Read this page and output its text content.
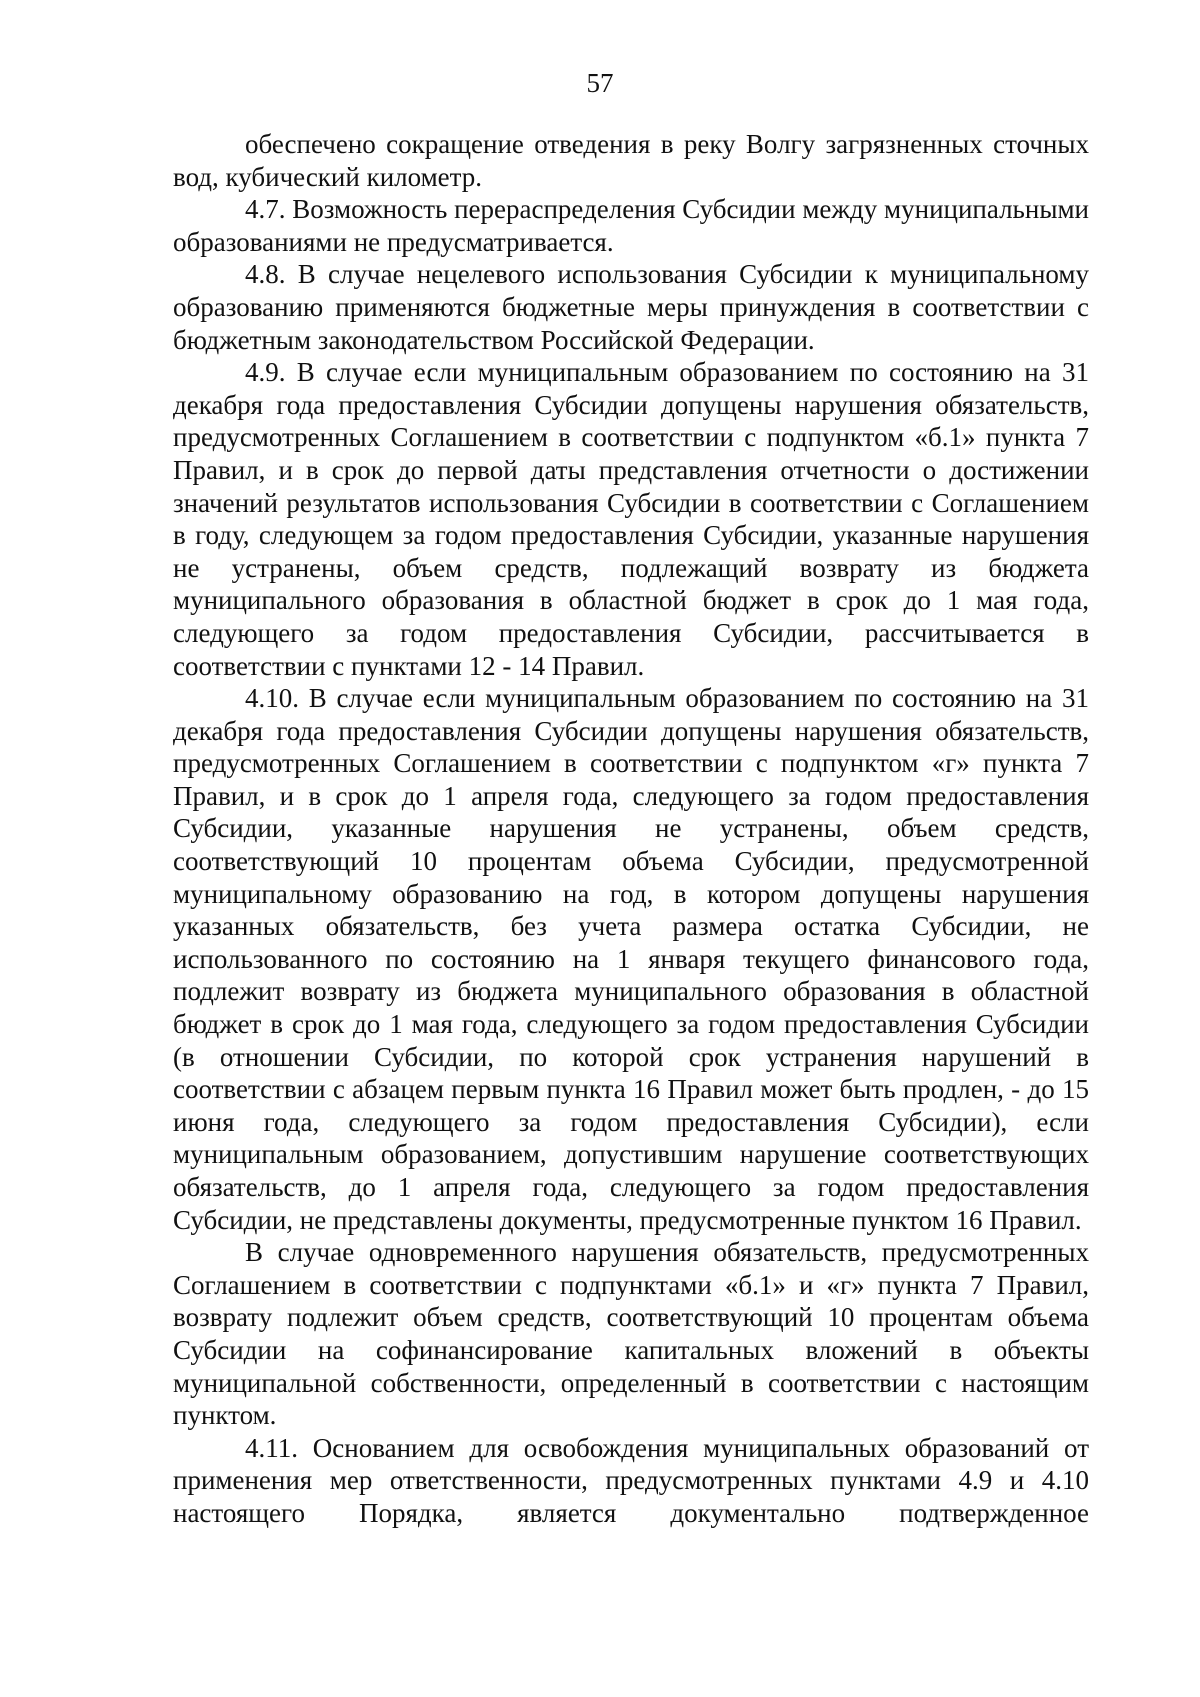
57

обеспечено сокращение отведения в реку Волгу загрязненных сточных вод, кубический километр.

4.7. Возможность перераспределения Субсидии между муниципальными образованиями не предусматривается.

4.8. В случае нецелевого использования Субсидии к муниципальному образованию применяются бюджетные меры принуждения в соответствии с бюджетным законодательством Российской Федерации.

4.9. В случае если муниципальным образованием по состоянию на 31 декабря года предоставления Субсидии допущены нарушения обязательств, предусмотренных Соглашением в соответствии с подпунктом «б.1» пункта 7 Правил, и в срок до первой даты представления отчетности о достижении значений результатов использования Субсидии в соответствии с Соглашением в году, следующем за годом предоставления Субсидии, указанные нарушения не устранены, объем средств, подлежащий возврату из бюджета муниципального образования в областной бюджет в срок до 1 мая года, следующего за годом предоставления Субсидии, рассчитывается в соответствии с пунктами 12 - 14 Правил.

4.10. В случае если муниципальным образованием по состоянию на 31 декабря года предоставления Субсидии допущены нарушения обязательств, предусмотренных Соглашением в соответствии с подпунктом «г» пункта 7 Правил, и в срок до 1 апреля года, следующего за годом предоставления Субсидии, указанные нарушения не устранены, объем средств, соответствующий 10 процентам объема Субсидии, предусмотренной муниципальному образованию на год, в котором допущены нарушения указанных обязательств, без учета размера остатка Субсидии, не использованного по состоянию на 1 января текущего финансового года, подлежит возврату из бюджета муниципального образования в областной бюджет в срок до 1 мая года, следующего за годом предоставления Субсидии (в отношении Субсидии, по которой срок устранения нарушений в соответствии с абзацем первым пункта 16 Правил может быть продлен, - до 15 июня года, следующего за годом предоставления Субсидии), если муниципальным образованием, допустившим нарушение соответствующих обязательств, до 1 апреля года, следующего за годом предоставления Субсидии, не представлены документы, предусмотренные пунктом 16 Правил.

В случае одновременного нарушения обязательств, предусмотренных Соглашением в соответствии с подпунктами «б.1» и «г» пункта 7 Правил, возврату подлежит объем средств, соответствующий 10 процентам объема Субсидии на софинансирование капитальных вложений в объекты муниципальной собственности, определенный в соответствии с настоящим пунктом.

4.11. Основанием для освобождения муниципальных образований от применения мер ответственности, предусмотренных пунктами 4.9 и 4.10 настоящего Порядка, является документально подтвержденное
